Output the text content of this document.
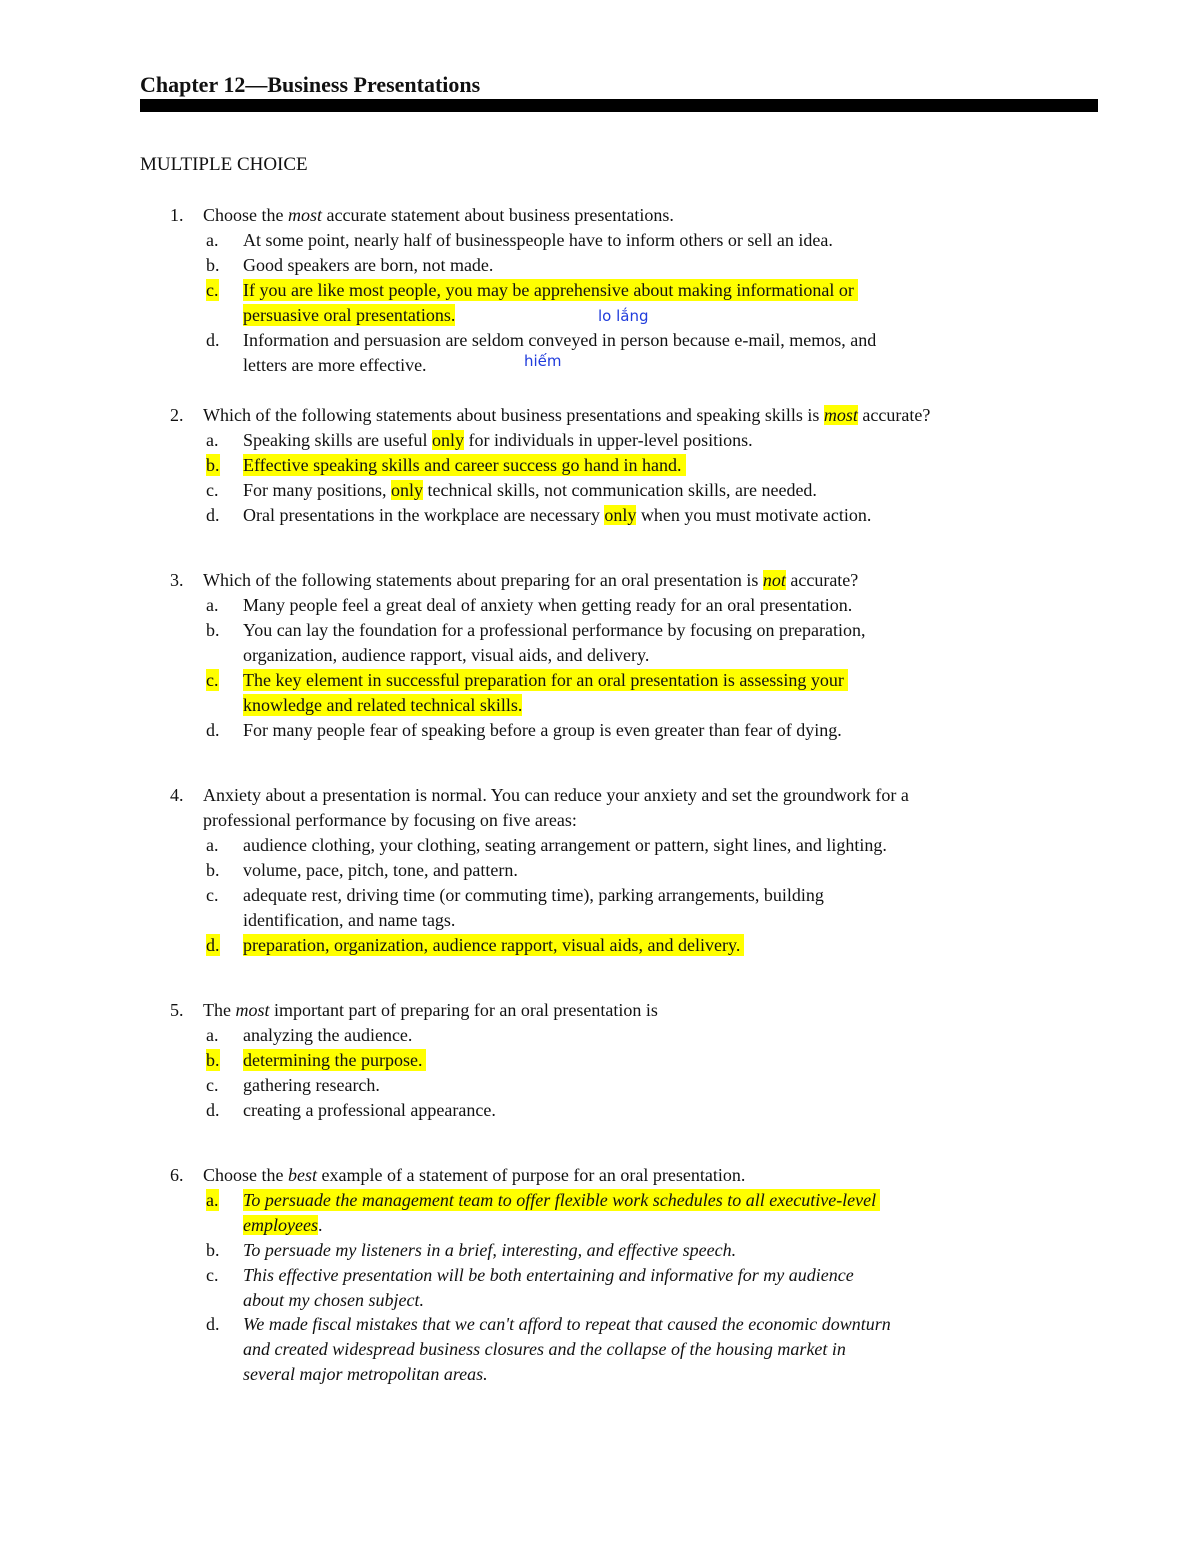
Chapter 12—Business Presentations
MULTIPLE CHOICE
1. Choose the most accurate statement about business presentations.
a. At some point, nearly half of businesspeople have to inform others or sell an idea.
b. Good speakers are born, not made.
c. If you are like most people, you may be apprehensive about making informational or
persuasive oral presentations.	lo lắng
d. Information and persuasion are seldom conveyed in person because e-mail, memos, and
letters are more effective.	hiếm
2. Which of the following statements about business presentations and speaking skills is most accurate?
a. Speaking skills are useful only for individuals in upper-level positions.
b. Effective speaking skills and career success go hand in hand.
c. For many positions, only technical skills, not communication skills, are needed.
d. Oral presentations in the workplace are necessary only when you must motivate action.
3. Which of the following statements about preparing for an oral presentation is not accurate?
a. Many people feel a great deal of anxiety when getting ready for an oral presentation.
b. You can lay the foundation for a professional performance by focusing on preparation,
organization, audience rapport, visual aids, and delivery.
c. The key element in successful preparation for an oral presentation is assessing your
knowledge and related technical skills.
d. For many people fear of speaking before a group is even greater than fear of dying.
4. Anxiety about a presentation is normal. You can reduce your anxiety and set the groundwork for a
professional performance by focusing on five areas:
a. audience clothing, your clothing, seating arrangement or pattern, sight lines, and lighting.
b. volume, pace, pitch, tone, and pattern.
c. adequate rest, driving time (or commuting time), parking arrangements, building
identification, and name tags.
d. preparation, organization, audience rapport, visual aids, and delivery.
5. The most important part of preparing for an oral presentation is
a. analyzing the audience.
b. determining the purpose.
c. gathering research.
d. creating a professional appearance.
6. Choose the best example of a statement of purpose for an oral presentation.
a. To persuade the management team to offer flexible work schedules to all executive-level
employees.
b. To persuade my listeners in a brief, interesting, and effective speech.
c. This effective presentation will be both entertaining and informative for my audience
about my chosen subject.
d. We made fiscal mistakes that we can't afford to repeat that caused the economic downturn
and created widespread business closures and the collapse of the housing market in
several major metropolitan areas.
